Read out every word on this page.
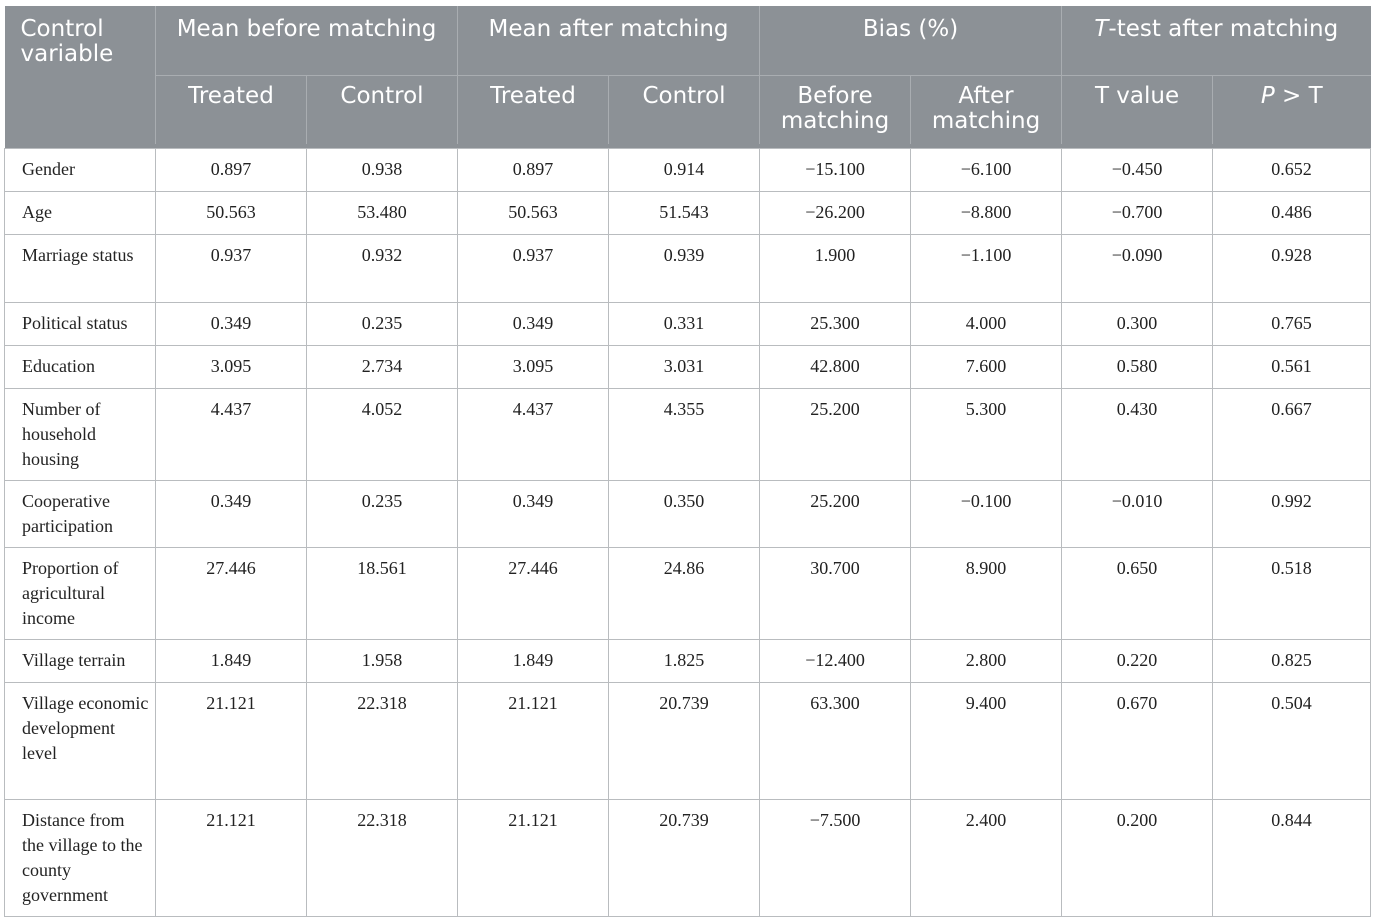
Control variable	Mean before matching		Mean after matching		Bias (%)		T-test after matching	
	Treated	Control	Treated	Control	Before matching	After matching	T value	P > T

Gender	0.897	0.938	0.897	0.914	−15.100	−6.100	−0.450	0.652
Age	50.563	53.480	50.563	51.543	−26.200	−8.800	−0.700	0.486
Marriage status	0.937	0.932	0.937	0.939	1.900	−1.100	−0.090	0.928
Political status	0.349	0.235	0.349	0.331	25.300	4.000	0.300	0.765
Education	3.095	2.734	3.095	3.031	42.800	7.600	0.580	0.561
Number of household housing	4.437	4.052	4.437	4.355	25.200	5.300	0.430	0.667
Cooperative participation	0.349	0.235	0.349	0.350	25.200	−0.100	−0.010	0.992
Proportion of agricultural income	27.446	18.561	27.446	24.86	30.700	8.900	0.650	0.518
Village terrain	1.849	1.958	1.849	1.825	−12.400	2.800	0.220	0.825
Village economic development level	21.121	22.318	21.121	20.739	63.300	9.400	0.670	0.504
Distance from the village to the county government	21.121	22.318	21.121	20.739	−7.500	2.400	0.200	0.844
